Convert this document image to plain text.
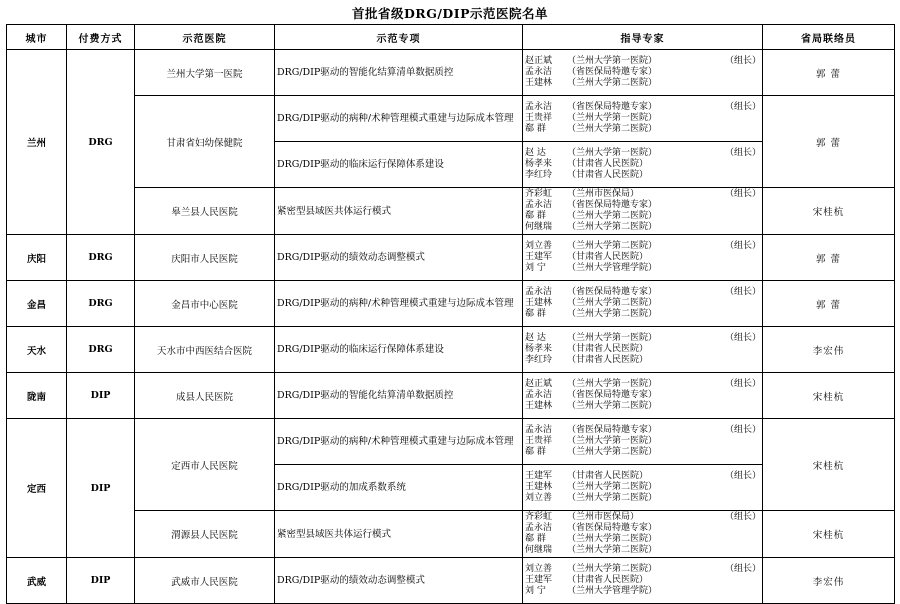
首批省级DRG/DIP示范医院名单
城市	付费方式	示范医院	示范专项	指导专家	省局联络员
兰州	DRG	兰州大学第一医院	DRG/DIP驱动的智能化结算清单数据质控	赵正斌 （兰州大学第一医院） （组长）
孟永洁 （省医保局特邀专家）
王建林 （兰州大学第二医院）	郭 蕾
		甘肃省妇幼保健院	DRG/DIP驱动的病种/术种管理模式重建与边际成本管理	孟永洁 （省医保局特邀专家） （组长）
王贵祥 （兰州大学第一医院）
郗 群 （兰州大学第二医院）	郭 蕾
			DRG/DIP驱动的临床运行保障体系建设	赵 达 （兰州大学第一医院） （组长）
杨孝来 （甘肃省人民医院）
李红玲 （甘肃省人民医院）	

		皋兰县人民医院	紧密型县域医共体运行模式	齐彩虹 （兰州市医保局） （组长）
孟永洁 （省医保局特邀专家）
郗 群 （兰州大学第二医院）
何继瑞 （兰州大学第二医院）	宋桂杭
庆阳	DRG	庆阳市人民医院	DRG/DIP驱动的绩效动态调整模式	刘立善 （兰州大学第二医院） （组长）
王建军 （甘肃省人民医院）
刘 宁 （兰州大学管理学院）	郭 蕾
金昌	DRG	金昌市中心医院	DRG/DIP驱动的病种/术种管理模式重建与边际成本管理	孟永洁 （省医保局特邀专家） （组长）
王建林 （兰州大学第二医院）
郗 群 （兰州大学第二医院）	郭 蕾
天水	DRG	天水市中西医结合医院	DRG/DIP驱动的临床运行保障体系建设	赵 达 （兰州大学第一医院） （组长）
杨孝来 （甘肃省人民医院）
李红玲 （甘肃省人民医院）	李宏伟
陇南	DIP	成县人民医院	DRG/DIP驱动的智能化结算清单数据质控	赵正斌 （兰州大学第一医院） （组长）
孟永洁 （省医保局特邀专家）
王建林 （兰州大学第二医院）	宋桂杭
定西	DIP	定西市人民医院	DRG/DIP驱动的病种/术种管理模式重建与边际成本管理	孟永洁 （省医保局特邀专家） （组长）
王贵祥 （兰州大学第一医院）
郗 群 （兰州大学第二医院）	宋桂杭
			DRG/DIP驱动的加成系数系统	王建军 （甘肃省人民医院） （组长）
王建林 （兰州大学第二医院）
刘立善 （兰州大学第二医院）	

		渭源县人民医院	紧密型县域医共体运行模式	齐彩虹 （兰州市医保局） （组长）
孟永洁 （省医保局特邀专家）
郗 群 （兰州大学第二医院）
何继瑞 （兰州大学第二医院）	宋桂杭
武威	DIP	武威市人民医院	DRG/DIP驱动的绩效动态调整模式	刘立善 （兰州大学第二医院） （组长）
王建军 （甘肃省人民医院）
刘 宁 （兰州大学管理学院）	李宏伟
